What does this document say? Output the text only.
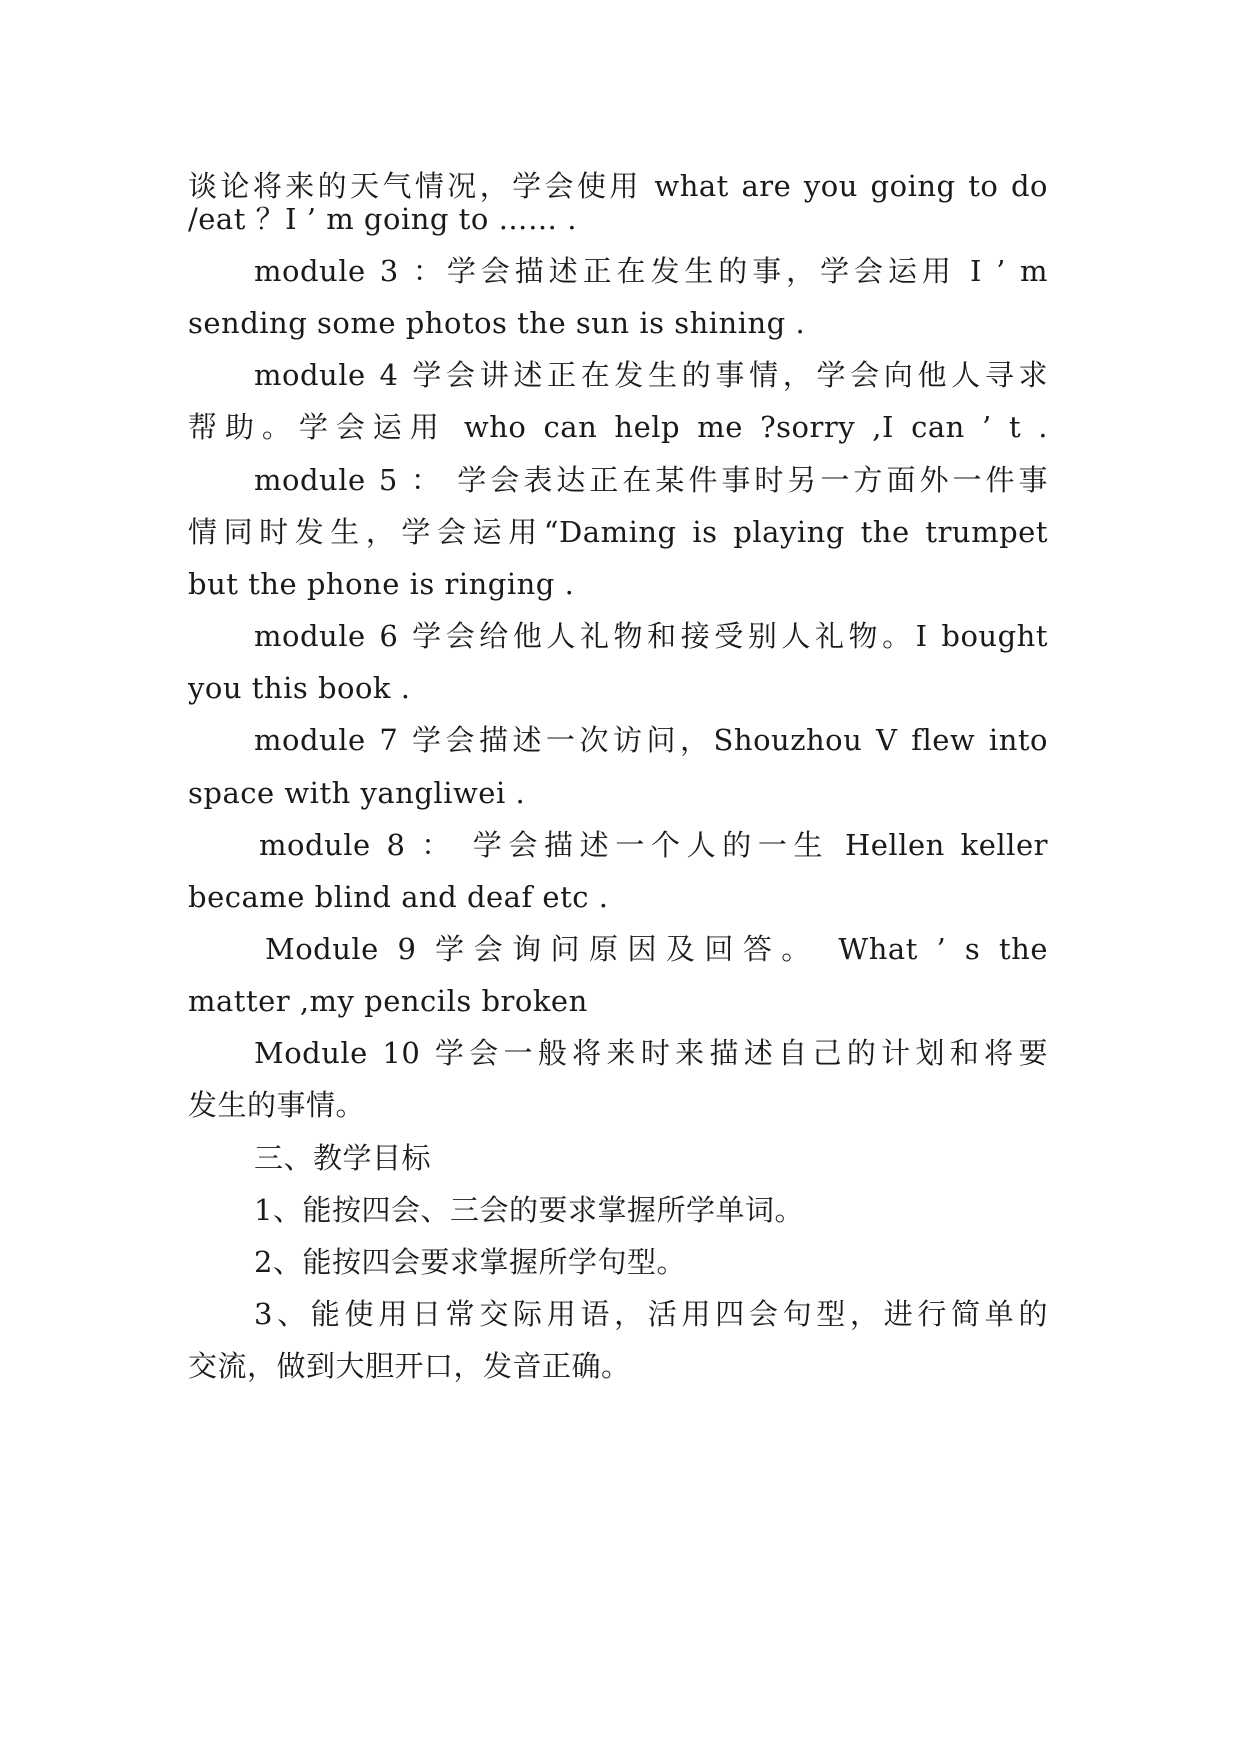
谈论将来的天气情况，学会使用 what are you going to do
/eat ？I ’ m going to …… .
module 3 ：学会描述正在发生的事，学会运用 I ’ m
sending some photos the sun is shining .
module 4 学会讲述正在发生的事情，学会向他人寻求
帮助。学会运用 who can help me ?sorry ,I can ’ t .
module 5 ： 学会表达正在某件事时另一方面外一件事
情同时发生，学会运用“Daming is playing the trumpet
but the phone is ringing .
module 6 学会给他人礼物和接受别人礼物。I bought
you this book .
module 7 学会描述一次访问，Shouzhou V flew into
space with yangliwei .
module 8 ： 学会描述一个人的一生 Hellen keller
became blind and deaf etc .
Module 9 学会询问原因及回答。 What ’ s the
matter ,my pencils broken
Module 10 学会一般将来时来描述自己的计划和将要
发生的事情。
三、教学目标
1、能按四会、三会的要求掌握所学单词。
2、能按四会要求掌握所学句型。
3、能使用日常交际用语，活用四会句型，进行简单的
交流，做到大胆开口，发音正确。
